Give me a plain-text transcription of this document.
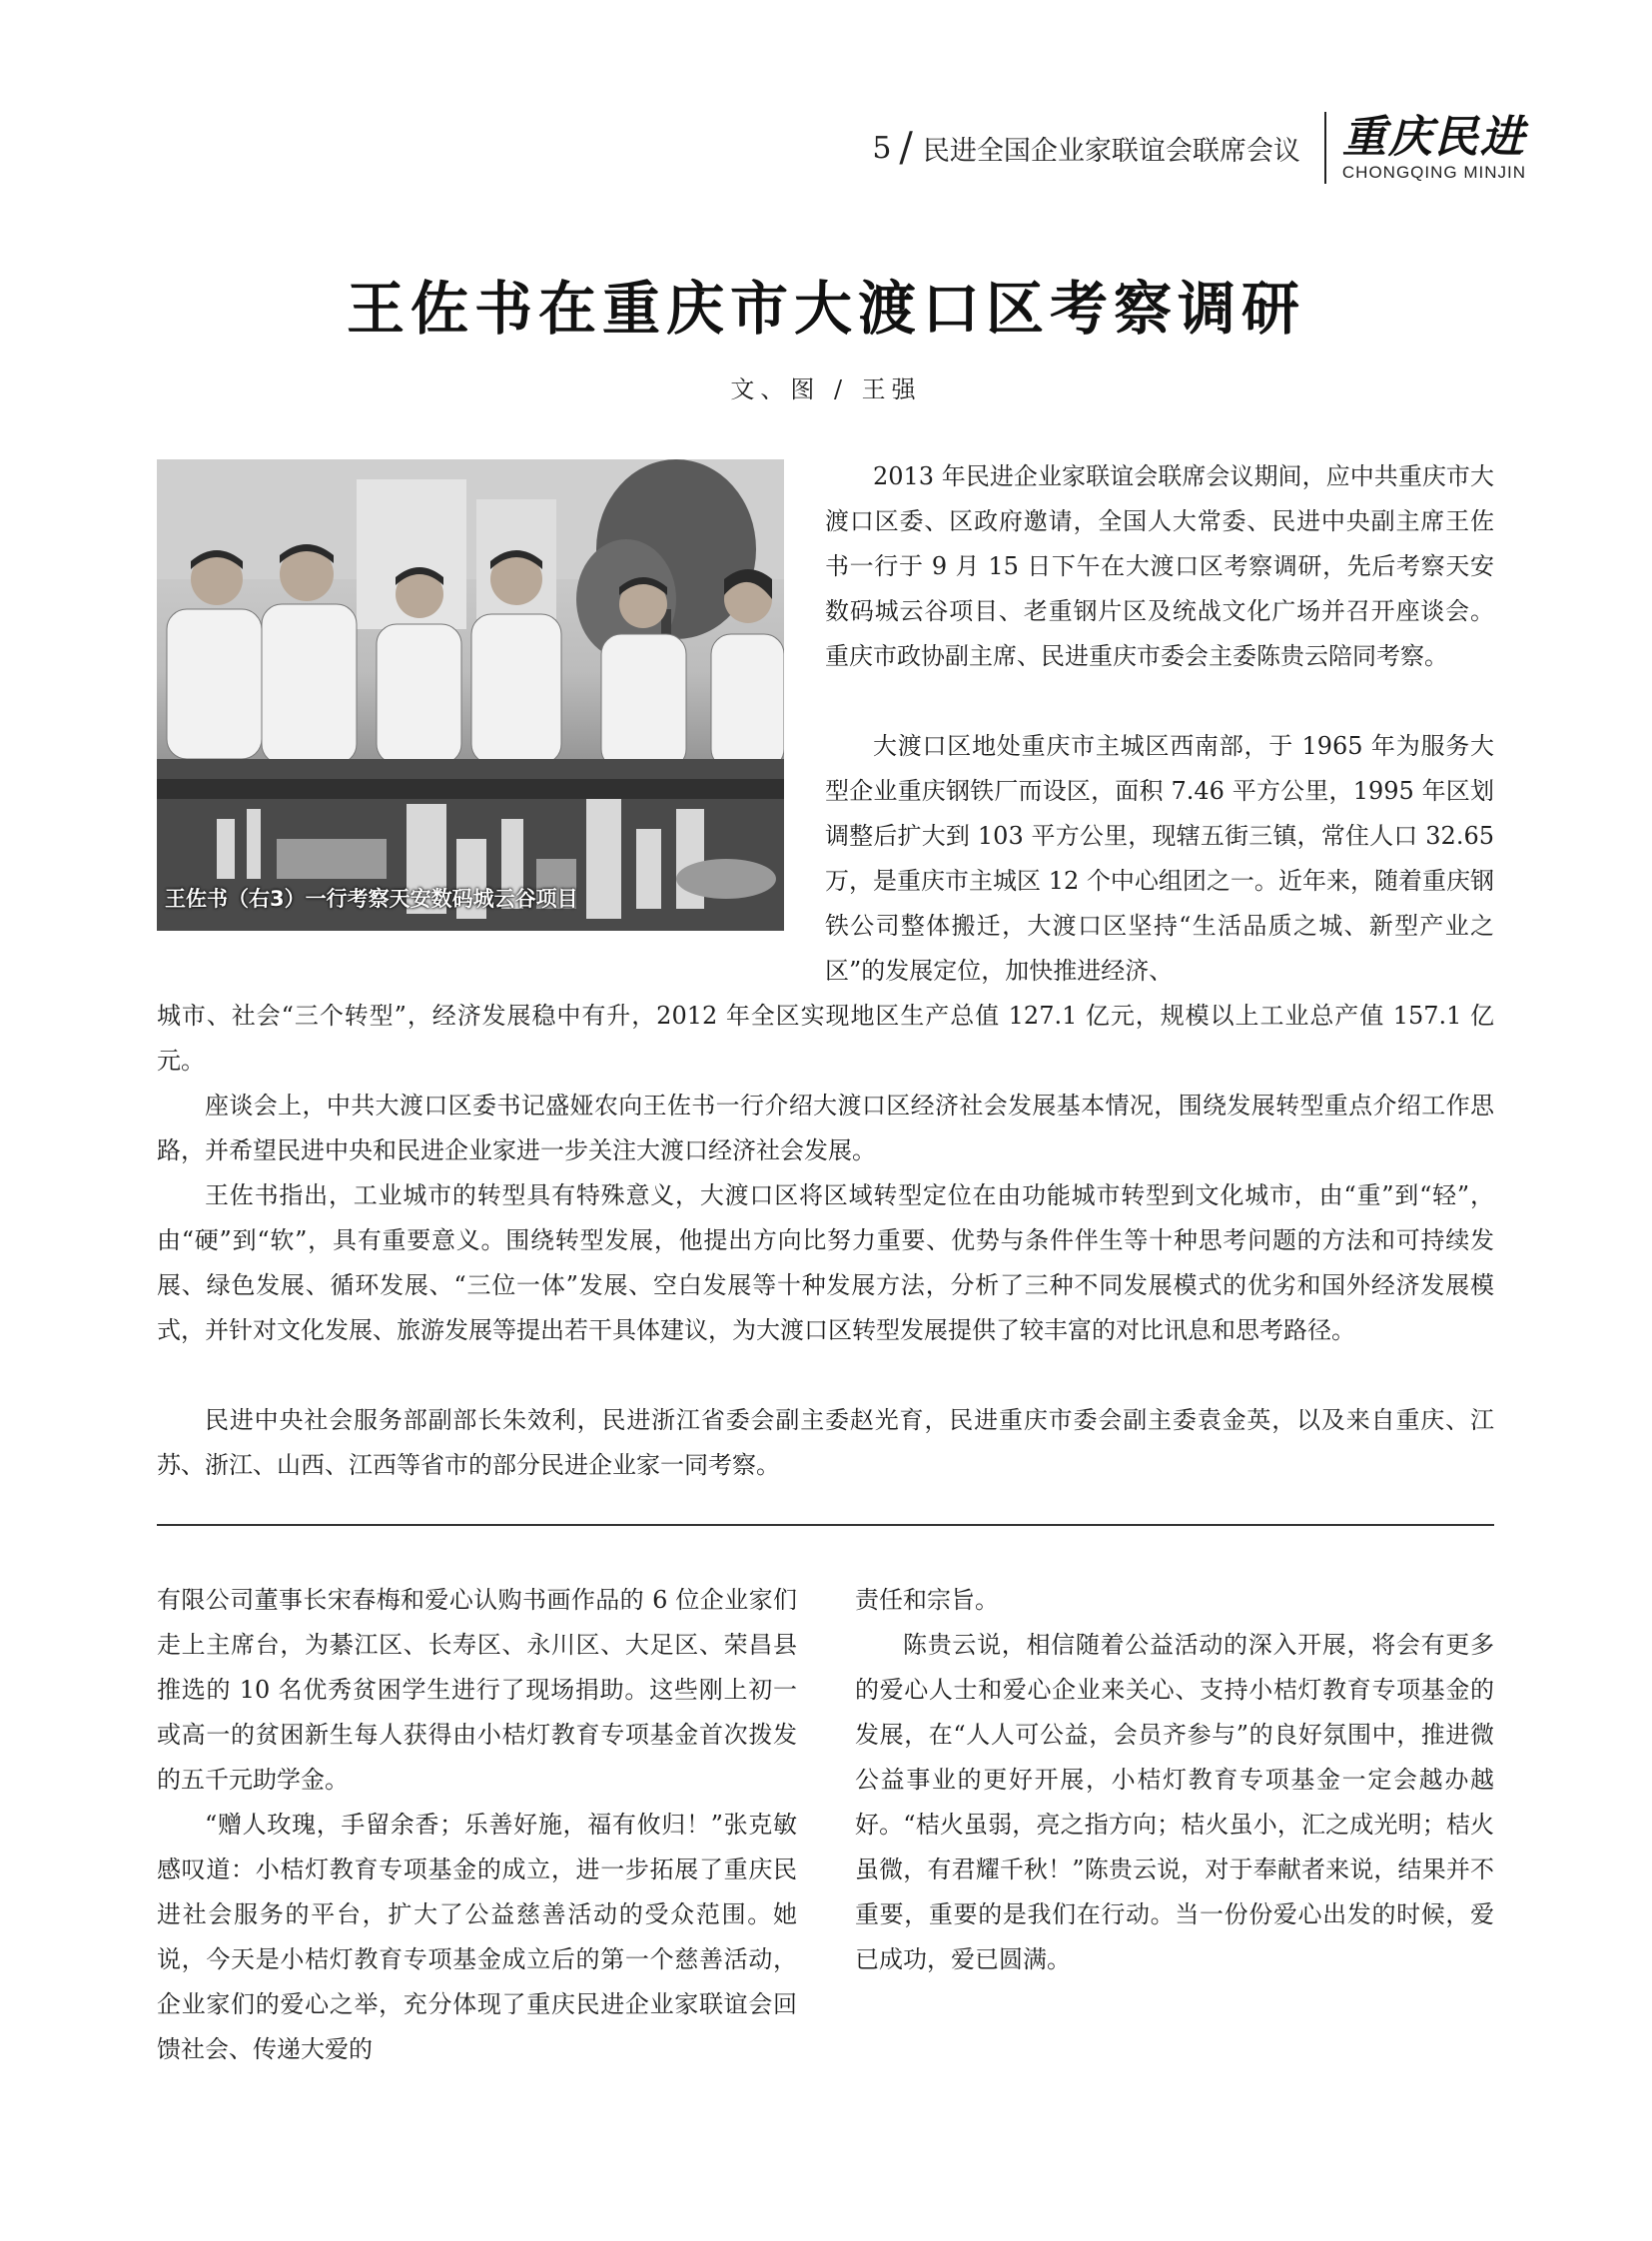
5 / 民进全国企业家联谊会联席会议 重庆民进
CHONGQING MINJIN
王佐书在重庆市大渡口区考察调研
文、图 / 王强
王佐书（右3）一行考察天安数码城云谷项目

2013 年民进企业家联谊会联席会议期间，应中共重庆市大渡口区委、区政府邀请，全国人大常委、民进中央副主席王佐书一行于 9 月 15 日下午在大渡口区考察调研，先后考察天安数码城云谷项目、老重钢片区及统战文化广场并召开座谈会。重庆市政协副主席、民进重庆市委会主委陈贵云陪同考察。

大渡口区地处重庆市主城区西南部，于 1965 年为服务大型企业重庆钢铁厂而设区，面积 7.46 平方公里，1995 年区划调整后扩大到 103 平方公里，现辖五街三镇，常住人口 32.65 万，是重庆市主城区 12 个中心组团之一。近年来，随着重庆钢铁公司整体搬迁，大渡口区坚持“生活品质之城、新型产业之区”的发展定位，加快推进经济、

城市、社会“三个转型”，经济发展稳中有升，2012 年全区实现地区生产总值 127.1 亿元，规模以上工业总产值 157.1 亿元。

座谈会上，中共大渡口区委书记盛娅农向王佐书一行介绍大渡口区经济社会发展基本情况，围绕发展转型重点介绍工作思路，并希望民进中央和民进企业家进一步关注大渡口经济社会发展。

王佐书指出，工业城市的转型具有特殊意义，大渡口区将区域转型定位在由功能城市转型到文化城市，由“重”到“轻”，由“硬”到“软”，具有重要意义。围绕转型发展，他提出方向比努力重要、优势与条件伴生等十种思考问题的方法和可持续发展、绿色发展、循环发展、“三位一体”发展、空白发展等十种发展方法，分析了三种不同发展模式的优劣和国外经济发展模式，并针对文化发展、旅游发展等提出若干具体建议，为大渡口区转型发展提供了较丰富的对比讯息和思考路径。

民进中央社会服务部副部长朱效利，民进浙江省委会副主委赵光育，民进重庆市委会副主委袁金英，以及来自重庆、江苏、浙江、山西、江西等省市的部分民进企业家一同考察。

有限公司董事长宋春梅和爱心认购书画作品的 6 位企业家们走上主席台，为綦江区、长寿区、永川区、大足区、荣昌县推选的 10 名优秀贫困学生进行了现场捐助。这些刚上初一或高一的贫困新生每人获得由小桔灯教育专项基金首次拨发的五千元助学金。

“赠人玫瑰，手留余香；乐善好施，福有攸归！”张克敏感叹道：小桔灯教育专项基金的成立，进一步拓展了重庆民进社会服务的平台，扩大了公益慈善活动的受众范围。她说，今天是小桔灯教育专项基金成立后的第一个慈善活动，企业家们的爱心之举，充分体现了重庆民进企业家联谊会回馈社会、传递大爱的

责任和宗旨。

陈贵云说，相信随着公益活动的深入开展，将会有更多的爱心人士和爱心企业来关心、支持小桔灯教育专项基金的发展，在“人人可公益，会员齐参与”的良好氛围中，推进微公益事业的更好开展，小桔灯教育专项基金一定会越办越好。“桔火虽弱，亮之指方向；桔火虽小，汇之成光明；桔火虽微，有君耀千秋！”陈贵云说，对于奉献者来说，结果并不重要，重要的是我们在行动。当一份份爱心出发的时候，爱已成功，爱已圆满。
